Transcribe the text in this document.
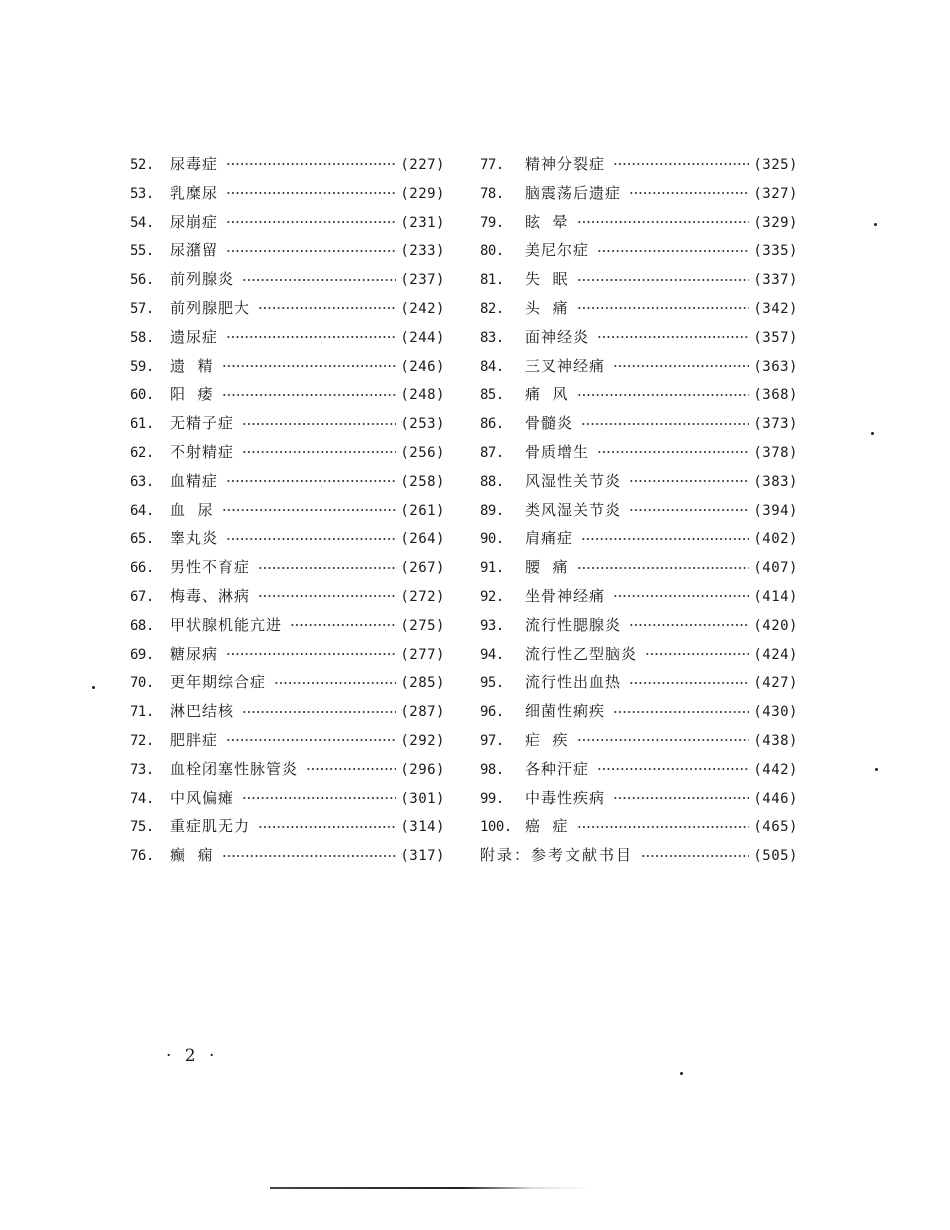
52.	尿毒症	(227)
53.	乳糜尿	(229)
54.	尿崩症	(231)
55.	尿潴留	(233)
56.	前列腺炎	(237)
57.	前列腺肥大	(242)
58.	遗尿症	(244)
59.	遗  精	(246)
60.	阳  痿	(248)
61.	无精子症	(253)
62.	不射精症	(256)
63.	血精症	(258)
64.	血  尿	(261)
65.	睾丸炎	(264)
66.	男性不育症	(267)
67.	梅毒、淋病	(272)
68.	甲状腺机能亢进	(275)
69.	糖尿病	(277)
70.	更年期综合症	(285)
71.	淋巴结核	(287)
72.	肥胖症	(292)
73.	血栓闭塞性脉管炎	(296)
74.	中风偏瘫	(301)
75.	重症肌无力	(314)
76.	癫  痫	(317)
77.	精神分裂症	(325)
78.	脑震荡后遗症	(327)
79.	眩  晕	(329)
80.	美尼尔症	(335)
81.	失  眠	(337)
82.	头  痛	(342)
83.	面神经炎	(357)
84.	三叉神经痛	(363)
85.	痛  风	(368)
86.	骨髓炎	(373)
87.	骨质增生	(378)
88.	风湿性关节炎	(383)
89.	类风湿关节炎	(394)
90.	肩痛症	(402)
91.	腰  痛	(407)
92.	坐骨神经痛	(414)
93.	流行性腮腺炎	(420)
94.	流行性乙型脑炎	(424)
95.	流行性出血热	(427)
96.	细菌性痢疾	(430)
97.	疟  疾	(438)
98.	各种汗症	(442)
99.	中毒性疾病	(446)
100. 癌  症	(465)
附录：参考文献书目	(505)
· 2 ·
